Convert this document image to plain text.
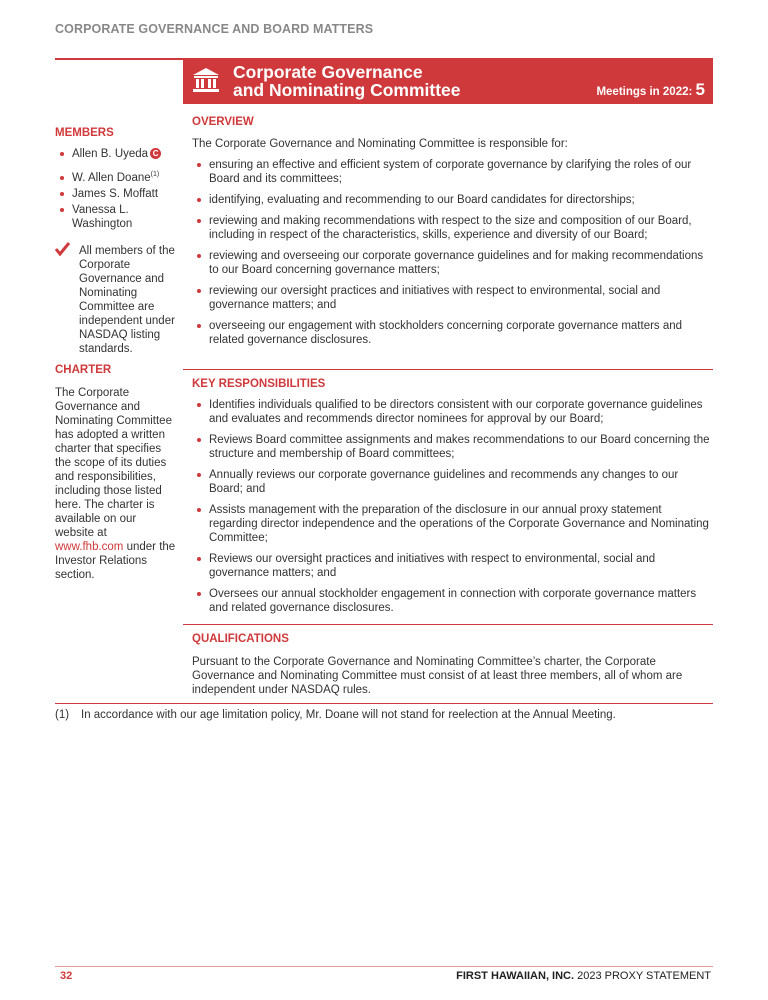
CORPORATE GOVERNANCE AND BOARD MATTERS
Corporate Governance
and Nominating Committee	Meetings in 2022: 5
MEMBERS
Allen B. Uyeda C
W. Allen Doane$^{(1)}$
James S. Moffatt
Vanessa L. Washington
All members of the Corporate Governance and Nominating Committee are independent under NASDAQ listing standards.
CHARTER
The Corporate Governance and Nominating Committee has adopted a written charter that specifies the scope of its duties and responsibilities, including those listed here. The charter is available on our website at www.fhb.com under the Investor Relations section.
OVERVIEW

The Corporate Governance and Nominating Committee is responsible for:

ensuring an effective and efficient system of corporate governance by clarifying the roles of our Board and its committees;
identifying, evaluating and recommending to our Board candidates for directorships;
reviewing and making recommendations with respect to the size and composition of our Board, including in respect of the characteristics, skills, experience and diversity of our Board;
reviewing and overseeing our corporate governance guidelines and for making recommendations to our Board concerning governance matters;
reviewing our oversight practices and initiatives with respect to environmental, social and governance matters; and
overseeing our engagement with stockholders concerning corporate governance matters and related governance disclosures.
KEY RESPONSIBILITIES
Identifies individuals qualified to be directors consistent with our corporate governance guidelines and evaluates and recommends director nominees for approval by our Board;
Reviews Board committee assignments and makes recommendations to our Board concerning the structure and membership of Board committees;
Annually reviews our corporate governance guidelines and recommends any changes to our Board; and
Assists management with the preparation of the disclosure in our annual proxy statement regarding director independence and the operations of the Corporate Governance and Nominating Committee;
Reviews our oversight practices and initiatives with respect to environmental, social and governance matters; and
Oversees our annual stockholder engagement in connection with corporate governance matters and related governance disclosures.
QUALIFICATIONS

Pursuant to the Corporate Governance and Nominating Committee’s charter, the Corporate Governance and Nominating Committee must consist of at least three members, all of whom are independent under NASDAQ rules.

(1) In accordance with our age limitation policy, Mr. Doane will not stand for reelection at the Annual Meeting.
32	FIRST HAWAIIAN, INC. 2023 PROXY STATEMENT
